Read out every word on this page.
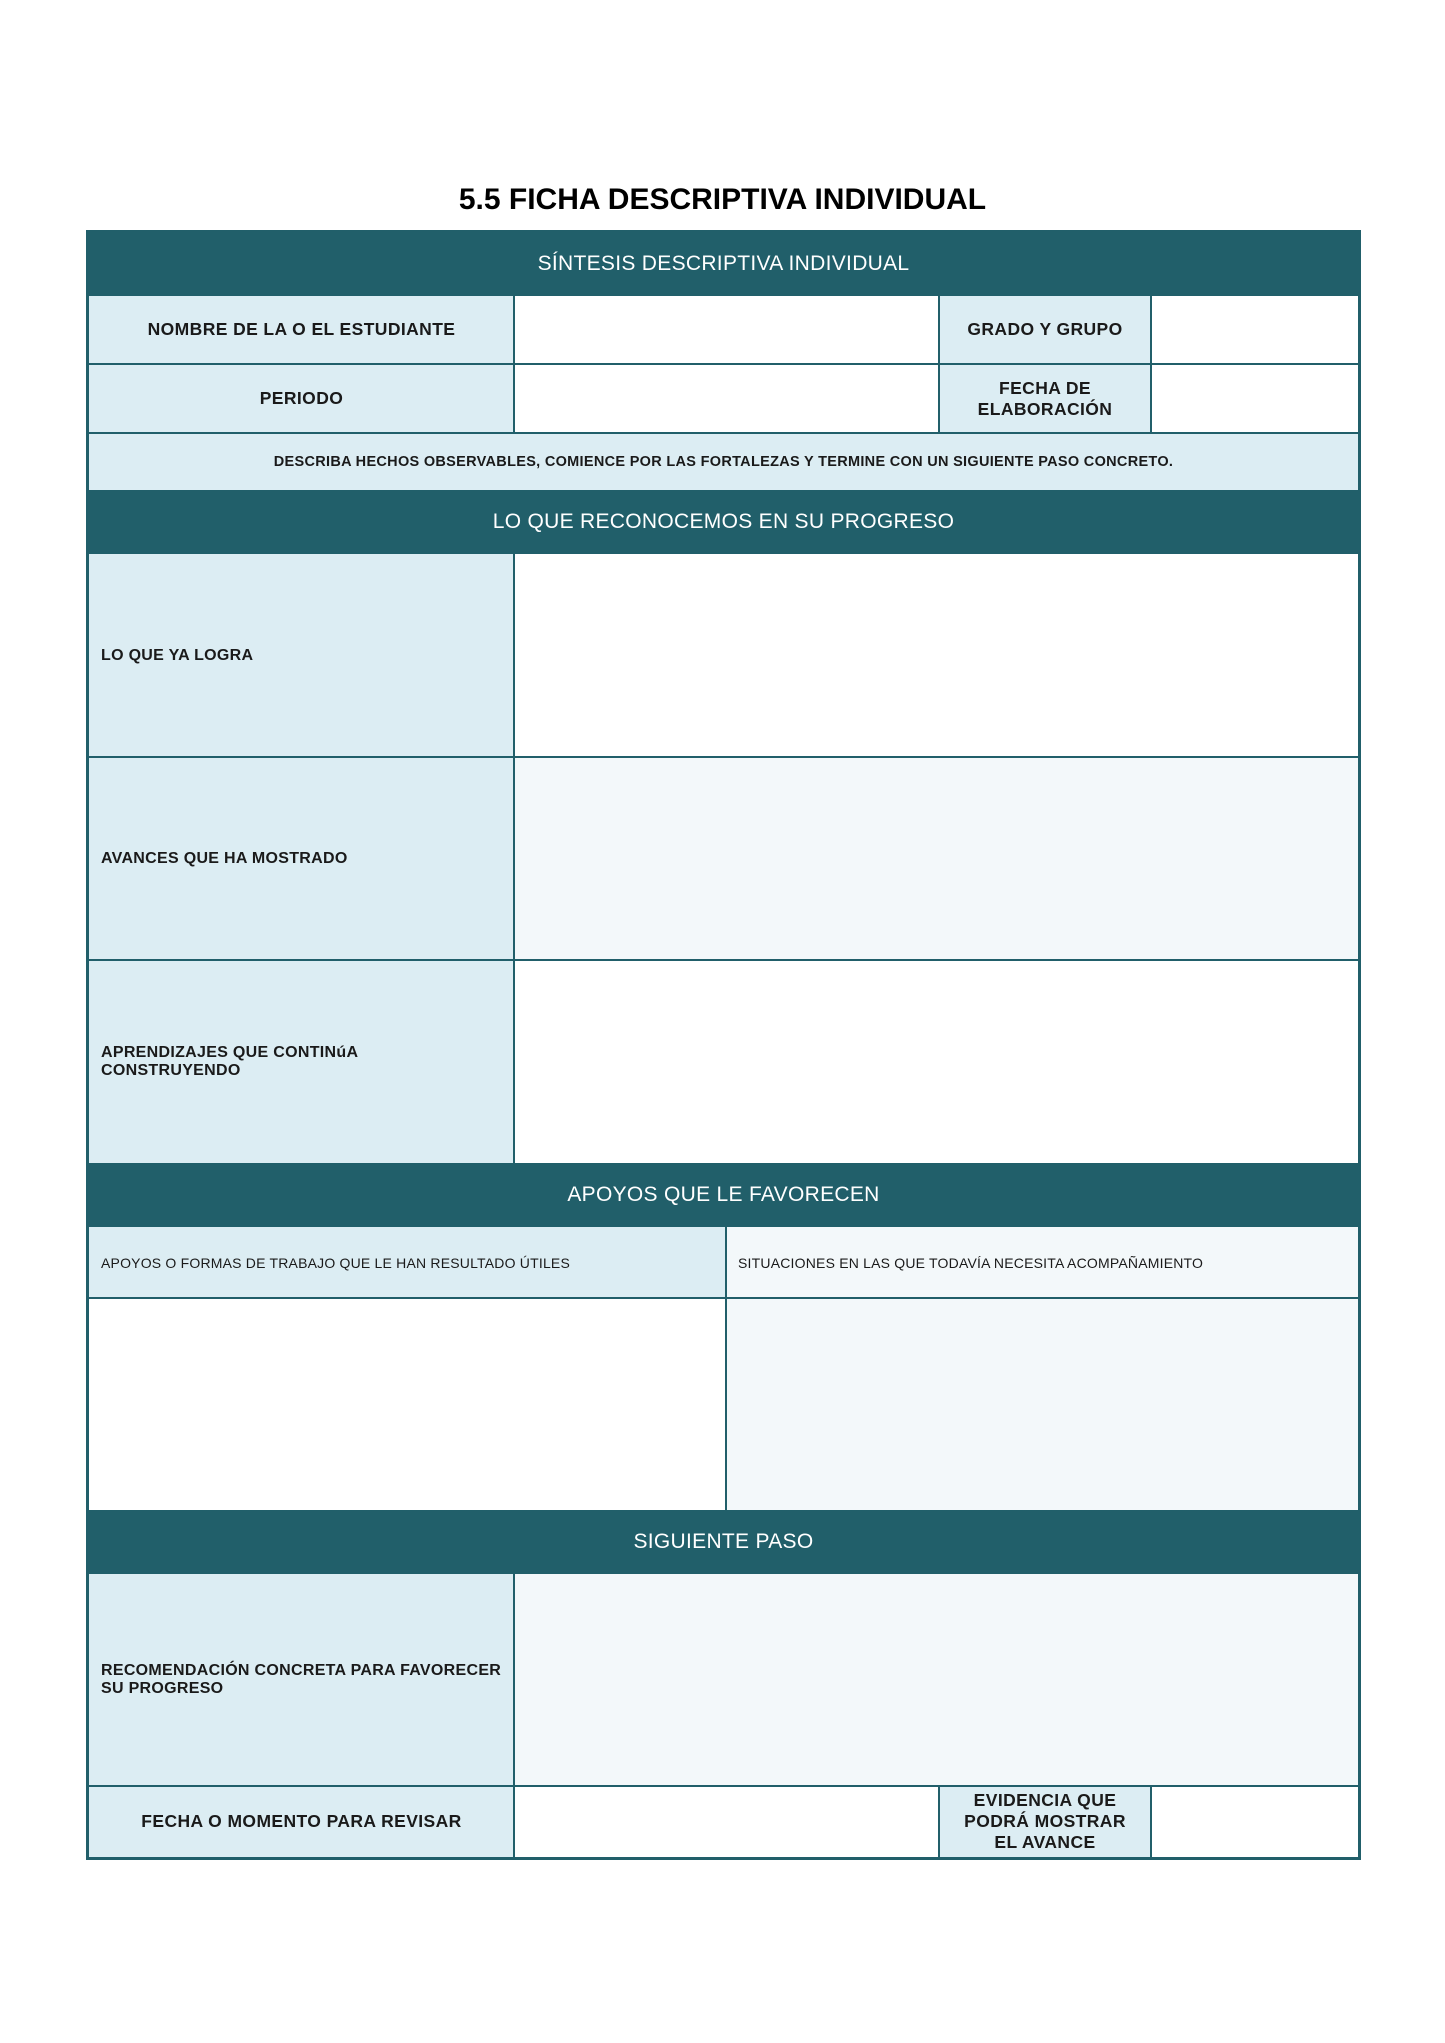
5.5 FICHA DESCRIPTIVA INDIVIDUAL
SÍNTESIS DESCRIPTIVA INDIVIDUAL
NOMBRE DE LA O EL ESTUDIANTE	GRADO Y GRUPO
PERIODO
FECHA DE ELABORACIÓN
DESCRIBA HECHOS OBSERVABLES, COMIENCE POR LAS FORTALEZAS Y TERMINE CON UN SIGUIENTE PASO CONCRETO.
LO QUE RECONOCEMOS EN SU PROGRESO
LO QUE YA LOGRA
AVANCES QUE HA MOSTRADO
APRENDIZAJES QUE CONTINúA CONSTRUYENDO
APOYOS QUE LE FAVORECEN
APOYOS O FORMAS DE TRABAJO QUE LE HAN RESULTADO ÚTILES	SITUACIONES EN LAS QUE TODAVÍA NECESITA ACOMPAÑAMIENTO
SIGUIENTE PASO
RECOMENDACIÓN CONCRETA PARA FAVORECER SU PROGRESO
FECHA O MOMENTO PARA REVISAR
EVIDENCIA QUE PODRÁ MOSTRAR EL AVANCE
